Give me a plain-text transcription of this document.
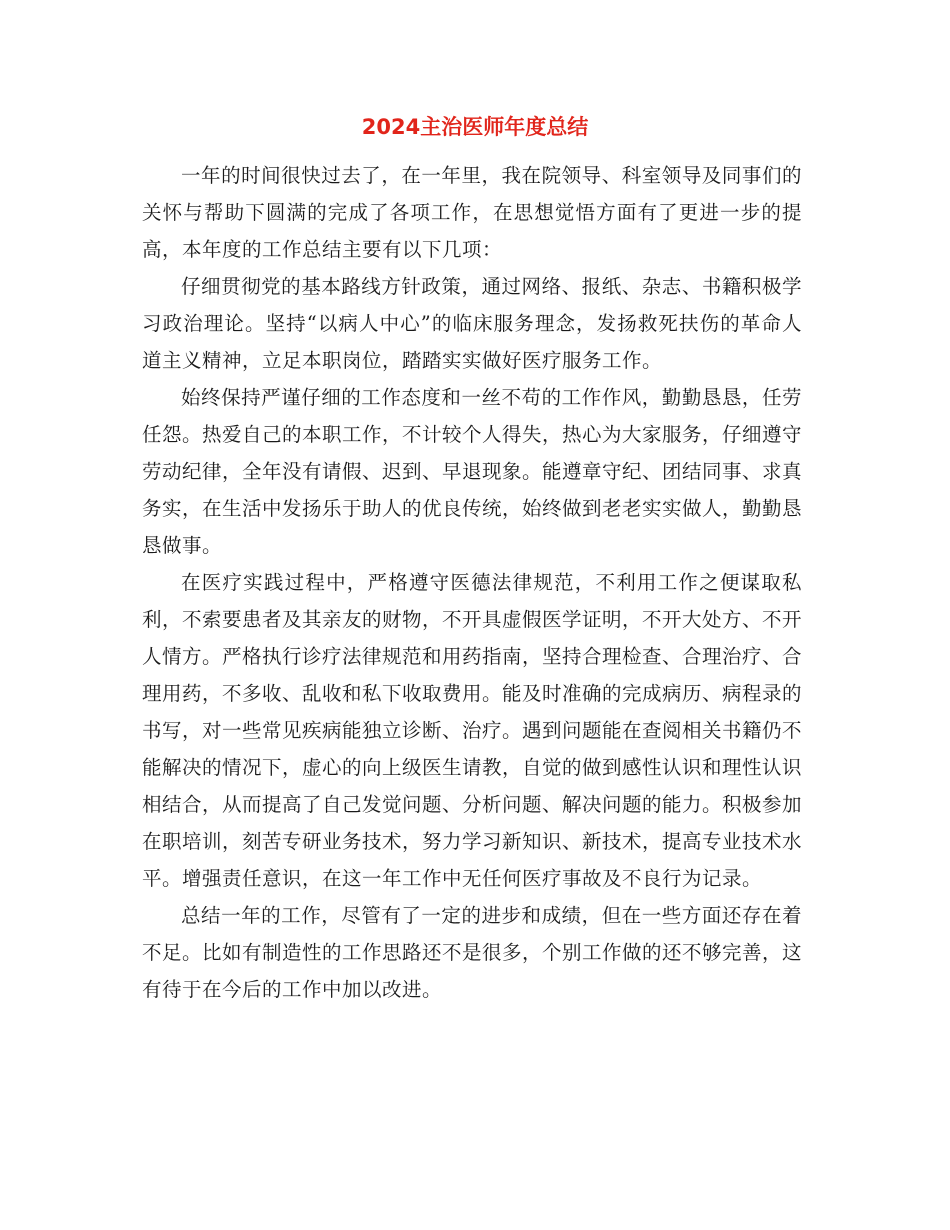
2024主治医师年度总结

一年的时间很快过去了，在一年里，我在院领导、科室领导及同事们的关怀与帮助下圆满的完成了各项工作，在思想觉悟方面有了更进一步的提高，本年度的工作总结主要有以下几项：

仔细贯彻党的基本路线方针政策，通过网络、报纸、杂志、书籍积极学习政治理论。坚持“以病人中心”的临床服务理念，发扬救死扶伤的革命人道主义精神，立足本职岗位，踏踏实实做好医疗服务工作。

始终保持严谨仔细的工作态度和一丝不苟的工作作风，勤勤恳恳，任劳任怨。热爱自己的本职工作，不计较个人得失，热心为大家服务，仔细遵守劳动纪律，全年没有请假、迟到、早退现象。能遵章守纪、团结同事、求真务实，在生活中发扬乐于助人的优良传统，始终做到老老实实做人，勤勤恳恳做事。

在医疗实践过程中，严格遵守医德法律规范，不利用工作之便谋取私利，不索要患者及其亲友的财物，不开具虚假医学证明，不开大处方、不开人情方。严格执行诊疗法律规范和用药指南，坚持合理检查、合理治疗、合理用药，不多收、乱收和私下收取费用。能及时准确的完成病历、病程录的书写，对一些常见疾病能独立诊断、治疗。遇到问题能在查阅相关书籍仍不能解决的情况下，虚心的向上级医生请教，自觉的做到感性认识和理性认识相结合，从而提高了自己发觉问题、分析问题、解决问题的能力。积极参加在职培训，刻苦专研业务技术，努力学习新知识、新技术，提高专业技术水平。增强责任意识，在这一年工作中无任何医疗事故及不良行为记录。

总结一年的工作，尽管有了一定的进步和成绩，但在一些方面还存在着不足。比如有制造性的工作思路还不是很多，个别工作做的还不够完善，这有待于在今后的工作中加以改进。
